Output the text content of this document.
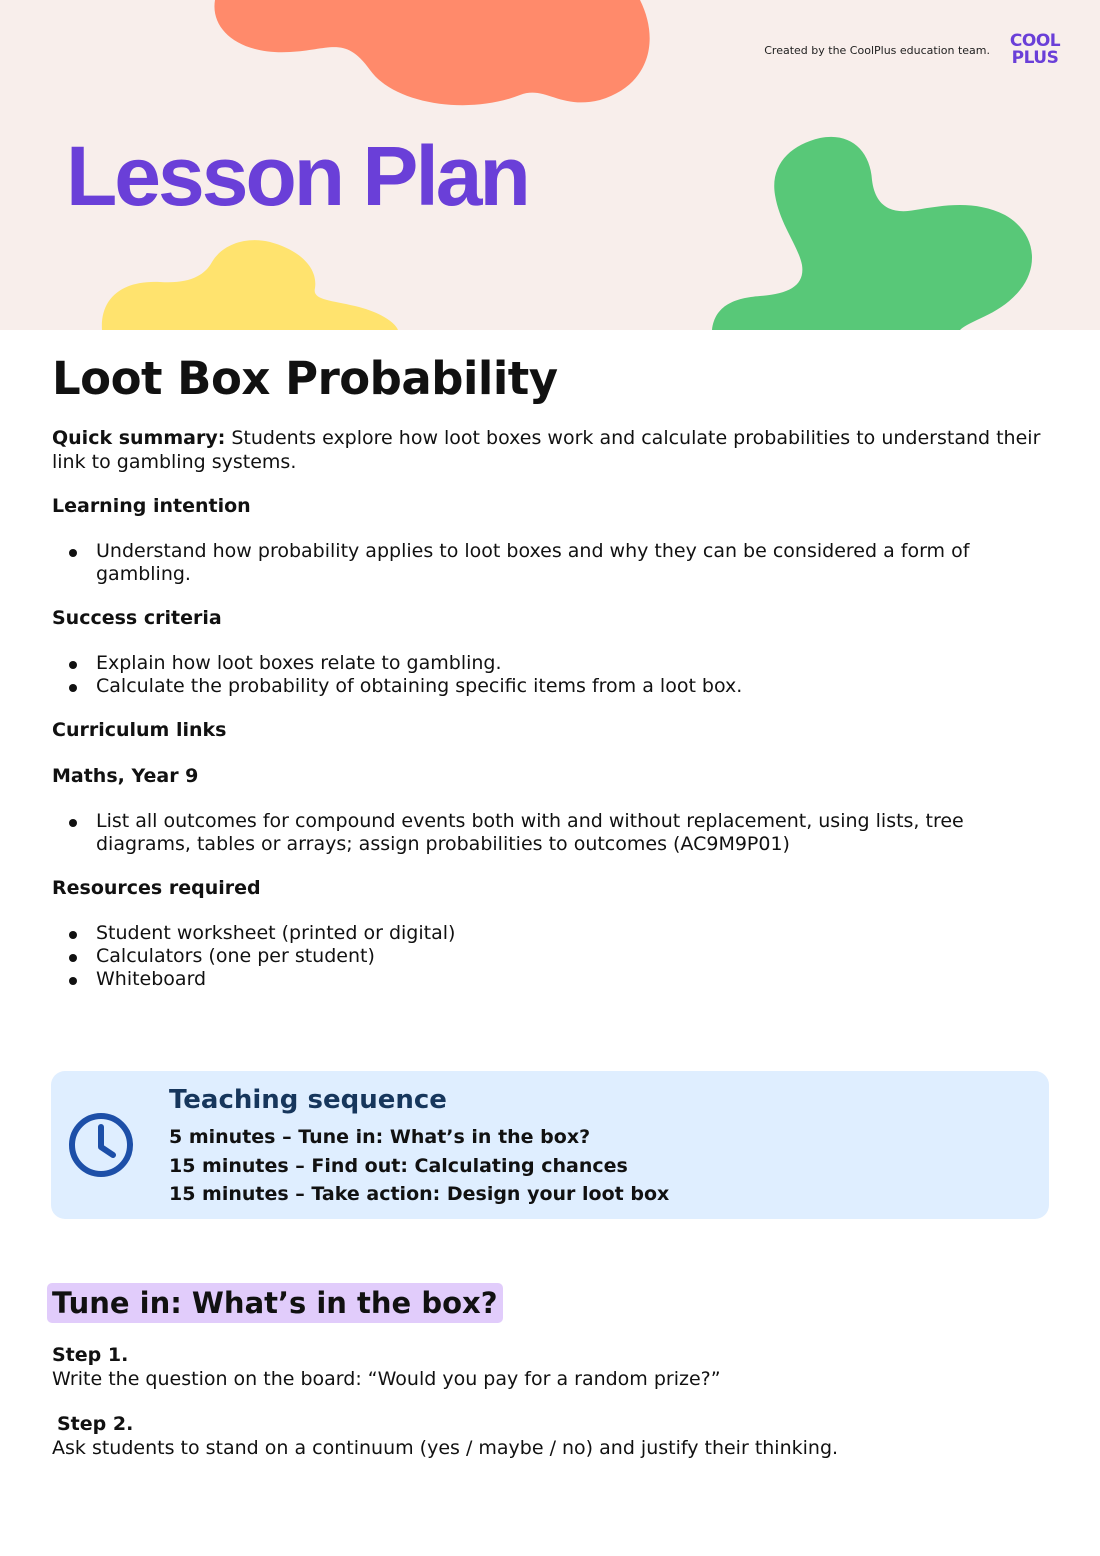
Created by the CoolPlus education team.	COOL
PLUS
Lesson Plan
Loot Box Probability

Quick summary: Students explore how loot boxes work and calculate probabilities to understand their link to gambling systems.

Learning intention
Understand how probability applies to loot boxes and why they can be considered a form of gambling.
Success criteria
Explain how loot boxes relate to gambling.
Calculate the probability of obtaining specific items from a loot box.
Curriculum links
Maths, Year 9
List all outcomes for compound events both with and without replacement, using lists, tree diagrams, tables or arrays; assign probabilities to outcomes (AC9M9P01)
Resources required
Student worksheet (printed or digital)
Calculators (one per student)
Whiteboard
Teaching sequence
5 minutes – Tune in: What’s in the box?
15 minutes – Find out: Calculating chances
15 minutes – Take action: Design your loot box
Tune in: What’s in the box?
Step 1.
Write the question on the board: “Would you pay for a random prize?”
Step 2.
Ask students to stand on a continuum (yes / maybe / no) and justify their thinking.
